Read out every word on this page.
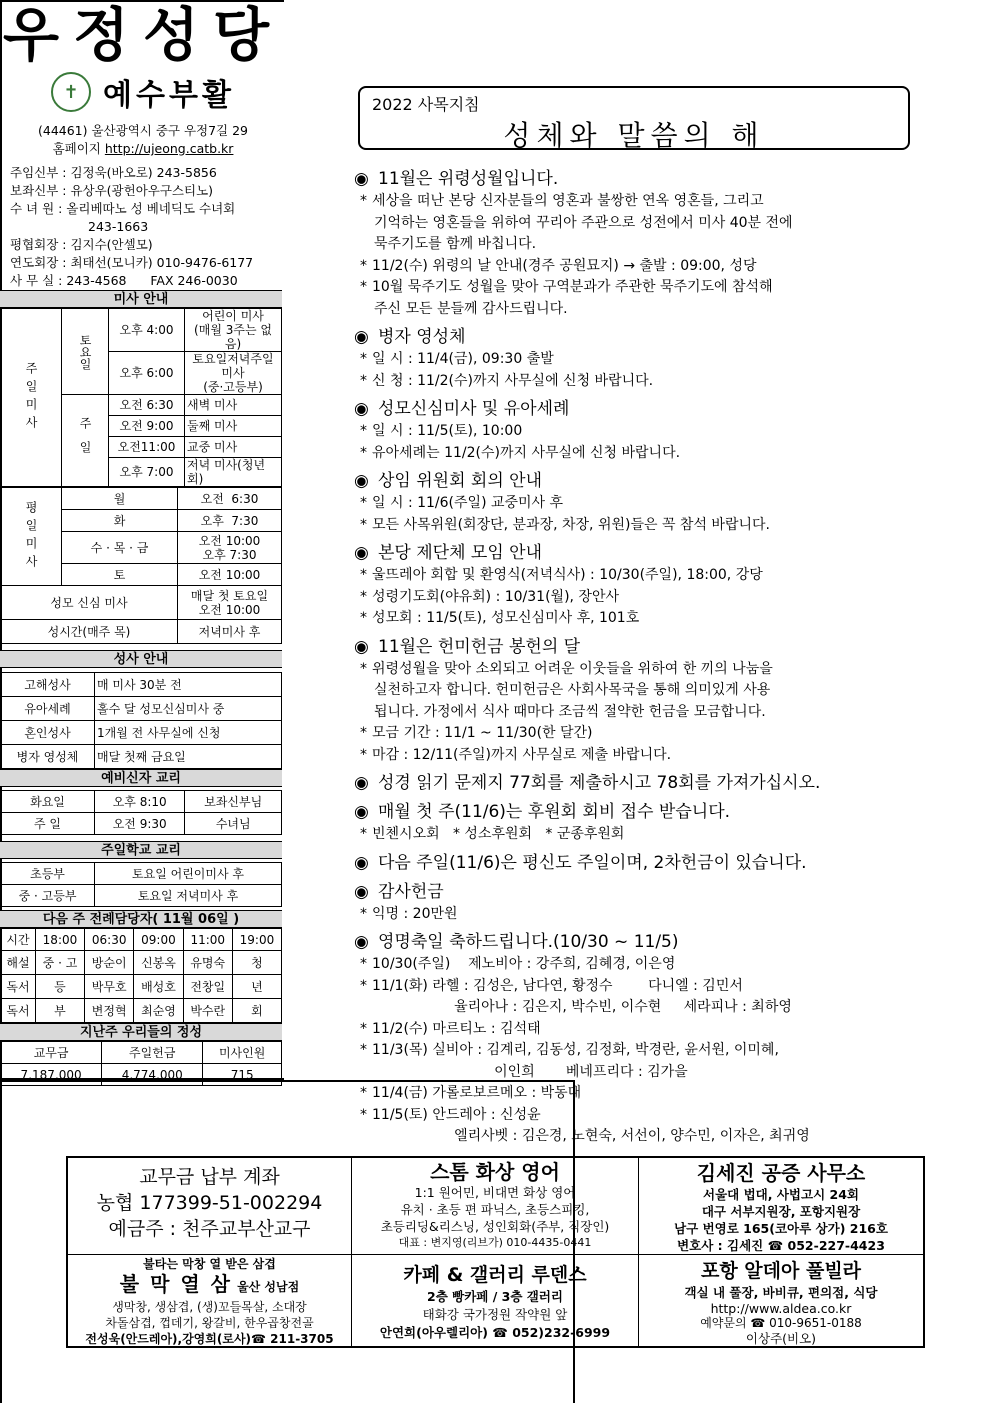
우정성당
✝ 예수부활
(44461) 울산광역시 중구 우정7길 29
홈페이지 http://ujeong.catb.kr
주임신부 : 김정욱(바오로) 243-5856
보좌신부 : 유상우(광헌아우구스티노)
수 녀 원 : 올리베따노 성 베네딕도 수녀회
243-1663
평협회장 : 김지수(안셀모)
연도회장 : 최태선(모니카) 010-9476-6177
사 무 실 : 243-4568      FAX 246-0030
미사 안내
주일미사	토요일	오후 4:00	어린이 미사
(매월 3주는 없음)
		오후 6:00	토요일저녁주일미사
(중·고등부)
	주일	오전 6:30	새벽 미사
		오전 9:00	둘째 미사
		오전11:00	교중 미사
		오후 7:00	저녁 미사(청년회)
평일미사	월	오전  6:30
	화	오후  7:30
	수 · 목 · 금	오전 10:00
오후 7:30
	토	오전 10:00
성모 신심 미사		매달 첫 토요일
오전 10:00
성시간(매주 목)		저녁미사 후
성사 안내
고해성사	매 미사 30분 전
유아세례	홀수 달 성모신심미사 중
혼인성사	1개월 전 사무실에 신청
병자 영성체	매달 첫째 금요일
예비신자 교리
화요일	오후 8:10	보좌신부님
주 일	오전 9:30	수녀님
주일학교 교리
초등부	토요일 어린이미사 후
중 · 고등부	토요일 저녁미사 후
다음 주 전례담당자( 11월 06일 )
시간	18:00	06:30	09:00	11:00	19:00
해설	중 · 고	방순이	신봉옥	유명숙	청
독서	등	박무호	배성호	전창일	년
독서	부	변정혁	최순영	박수란	회
지난주 우리들의 정성
교무금	주일헌금	미사인원
7,187,000	4,774,000	715
2022 사목지침
성체와 말씀의 해
◉ 11월은 위령성월입니다.
* 세상을 떠난 본당 신자분들의 영혼과 불쌍한 연옥 영혼들, 그리고
기억하는 영혼들을 위하여 꾸리아 주관으로 성전에서 미사 40분 전에
묵주기도를 함께 바칩니다.
* 11/2(수) 위령의 날 안내(경주 공원묘지) → 출발 : 09:00, 성당
* 10월 묵주기도 성월을 맞아 구역분과가 주관한 묵주기도에 참석해
주신 모든 분들께 감사드립니다.
◉ 병자 영성체
* 일 시 : 11/4(금), 09:30 출발
* 신 청 : 11/2(수)까지 사무실에 신청 바랍니다.
◉ 성모신심미사 및 유아세례
* 일 시 : 11/5(토), 10:00
* 유아세례는 11/2(수)까지 사무실에 신청 바랍니다.
◉ 상임 위원회 회의 안내
* 일 시 : 11/6(주일) 교중미사 후
* 모든 사목위원(회장단, 분과장, 차장, 위원)들은 꼭 참석 바랍니다.
◉ 본당 제단체 모임 안내
* 울뜨레아 회합 및 환영식(저녁식사) : 10/30(주일), 18:00, 강당
* 성령기도회(야유회) : 10/31(월), 장안사
* 성모회 : 11/5(토), 성모신심미사 후, 101호
◉ 11월은 헌미헌금 봉헌의 달
* 위령성월을 맞아 소외되고 어려운 이웃들을 위하여 한 끼의 나눔을
실천하고자 합니다. 헌미헌금은 사회사목국을 통해 의미있게 사용
됩니다. 가정에서 식사 때마다 조금씩 절약한 헌금을 모금합니다.
* 모금 기간 : 11/1 ~ 11/30(한 달간)
* 마감 : 12/11(주일)까지 사무실로 제출 바랍니다.
◉ 성경 읽기 문제지 77회를 제출하시고 78회를 가져가십시오.
◉ 매월 첫 주(11/6)는 후원회 회비 접수 받습니다.
* 빈첸시오회   * 성소후원회   * 군종후원회
◉ 다음 주일(11/6)은 평신도 주일이며, 2차헌금이 있습니다.
◉ 감사헌금
* 익명 : 20만원
◉ 영명축일 축하드립니다.(10/30 ~ 11/5)
* 10/30(주일)    제노비아 : 강주희, 김혜경, 이은영
* 11/1(화) 라헬 : 김성은, 남다연, 황정수        다니엘 : 김민서
율리아나 : 김은지, 박수빈, 이수현     세라피나 : 최하영
* 11/2(수) 마르티노 : 김석태
* 11/3(목) 실비아 : 김계리, 김동성, 김정화, 박경란, 윤서원, 이미혜,
이인희       베네프리다 : 김가을
* 11/4(금) 가롤로보르메오 : 박동대
* 11/5(토) 안드레아 : 신성윤
엘리사벳 : 김은경, 노현숙, 서선이, 양수민, 이자은, 최귀영
교무금 납부 계좌
농협 177399-51-002294
예금주 : 천주교부산교구
스톰 화상 영어
1:1 원어민, 비대면 화상 영어
유치 · 초등 편 파닉스, 초등스피킹,
초등리딩&리스닝, 성인회화(주부, 직장인)
대표 : 변지영(리브가) 010-4435-0441
김세진 공증 사무소
서울대 법대, 사법고시 24회
대구 서부지원장, 포항지원장
남구 번영로 165(코아루 상가) 216호
변호사 : 김세진 ☎ 052-227-4423
불타는 막창 열 받은 삼겹
불 막 열 삼 울산 성남점
생막창, 생삼겹, (생)꼬들목살, 소대장
차돌삼겹, 껍데기, 왕갈비, 한우곱창전골
전성욱(안드레아),강영희(로사)☎ 211-3705
카페 & 갤러리 루덴스
2층 빵카페 / 3층 갤러리
태화강 국가정원 작약원 앞
안연희(아우렐리아) ☎ 052)232-6999
포항 알데아 풀빌라
객실 내 풀장, 바비큐, 편의점, 식당
http://www.aldea.co.kr
예약문의 ☎ 010-9651-0188
이상주(비오)
